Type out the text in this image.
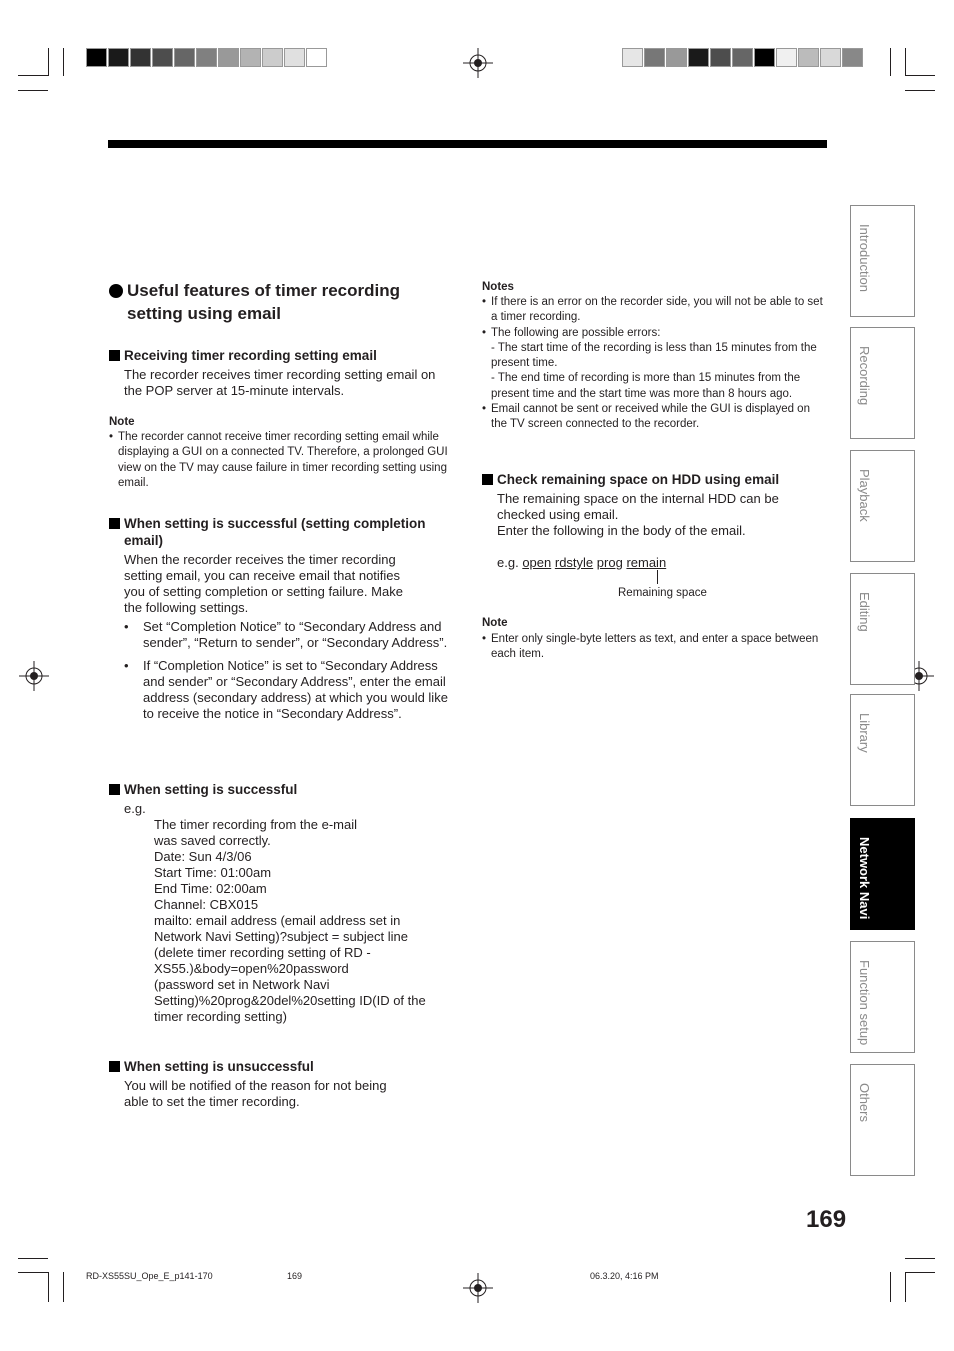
Useful features of timer recording setting using email
Receiving timer recording setting email
The recorder receives timer recording setting email on the POP server at 15-minute intervals.
Note
• The recorder cannot receive timer recording setting email while displaying a GUI on a connected TV. Therefore, a prolonged GUI view on the TV may cause failure in timer recording setting using email.
When setting is successful (setting completion email)
When the recorder receives the timer recording setting email, you can receive email that notifies you of setting completion or setting failure. Make the following settings.
• Set “Completion Notice” to “Secondary Address and sender”, “Return to sender”, or “Secondary Address”.
• If “Completion Notice” is set to “Secondary Address and sender” or “Secondary Address”, enter the email address (secondary address) at which you would like to receive the notice in “Secondary Address”.
When setting is successful
e.g.
The timer recording from the e-mail
was saved correctly.
Date: Sun 4/3/06
Start Time: 01:00am
End Time: 02:00am
Channel: CBX015
mailto: email address (email address set in
Network Navi Setting)?subject = subject line
(delete timer recording setting of RD -
XS55.)&body=open%20password
(password set in Network Navi
Setting)%20prog&20del%20setting ID(ID of the
timer recording setting)
When setting is unsuccessful
You will be notified of the reason for not being able to set the timer recording.
Notes
• If there is an error on the recorder side, you will not be able to set a timer recording.
• The following are possible errors:
- The start time of the recording is less than 15 minutes from the present time.
- The end time of recording is more than 15 minutes from the present time and the start time was more than 8 hours ago.
• Email cannot be sent or received while the GUI is displayed on the TV screen connected to the recorder.
Check remaining space on HDD using email
The remaining space on the internal HDD can be checked using email.
Enter the following in the body of the email.
e.g. open rdstyle prog remain
Remaining space
Note
• Enter only single-byte letters as text, and enter a space between each item.
Introduction
Recording
Playback
Editing
Library
Network Navi
Function setup
Others
169
RD-XS55SU_Ope_E_p141-170	169	06.3.20, 4:16 PM
